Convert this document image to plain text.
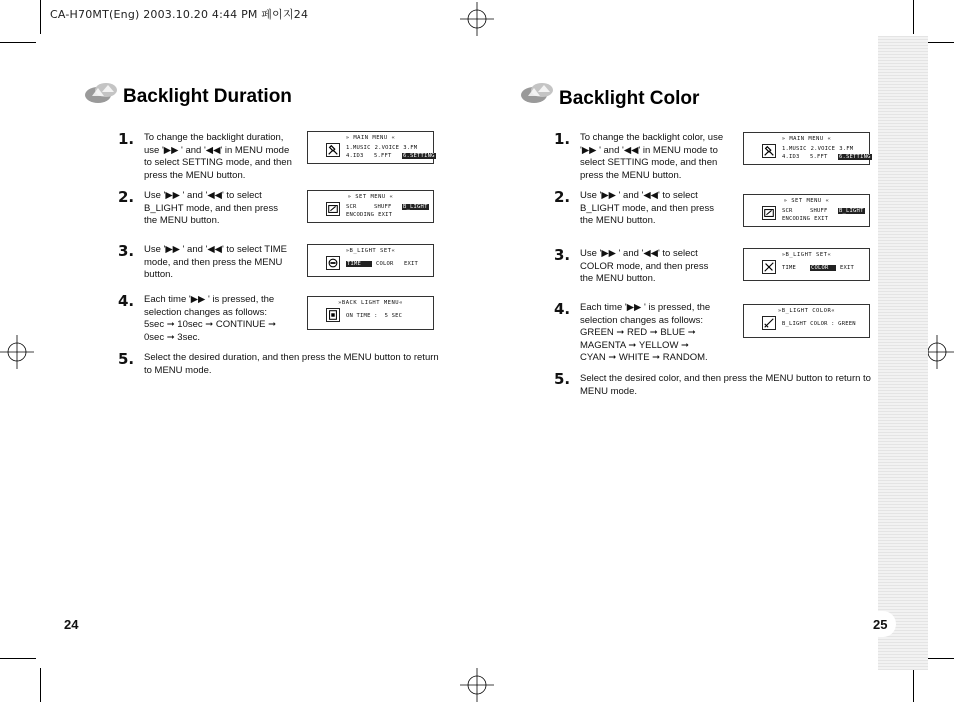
CA-H70MT(Eng) 2003.10.20 4:44 PM 페이지24
Backlight Duration
1. To change the backlight duration,
use '▶▶ ' and '◀◀' in MENU mode
to select SETTING mode, and then
press the MENU button.
2. Use '▶▶ ' and '◀◀' to select
B_LIGHT mode, and then press
the MENU button.
3. Use '▶▶ ' and '◀◀' to select TIME
mode, and then press the MENU
button.
4. Each time '▶▶ ' is pressed, the
selection changes as follows:
5sec ➞ 10sec ➞ CONTINUE ➞
0sec ➞ 3sec.
5. Select the desired duration, and then press the MENU button to return
to MENU mode.
» MAIN MENU «
1.MUSIC 2.VOICE 3.FM
4.ID3 5.FFT 6.SETTING
» SET MENU «
SCR	SHUFF B_LIGHT
ENCODING EXIT
»B_LIGHT SET«
TIME	COLOR EXIT
»BACK LIGHT MENU«
ON TIME :  5 SEC
24
Backlight Color
1. To change the backlight color, use
'▶▶ ' and '◀◀' in MENU mode to
select SETTING mode, and then
press the MENU button.
2. Use '▶▶ ' and '◀◀' to select
B_LIGHT mode, and then press
the MENU button.
3. Use '▶▶ ' and '◀◀' to select
COLOR mode, and then press
the MENU button.
4. Each time '▶▶ ' is pressed, the
selection changes as follows:
GREEN ➞ RED ➞ BLUE ➞
MAGENTA ➞ YELLOW ➞
CYAN ➞ WHITE ➞ RANDOM.
5. Select the desired color, and then press the MENU button to return to
MENU mode.
» MAIN MENU «
1.MUSIC 2.VOICE 3.FM
4.ID3 5.FFT 6.SETTING
» SET MENU «
SCR	SHUFF B_LIGHT
ENCODING EXIT
»B_LIGHT SET«
TIME	COLOR EXIT
»B_LIGHT COLOR«
B_LIGHT COLOR : GREEN
25
